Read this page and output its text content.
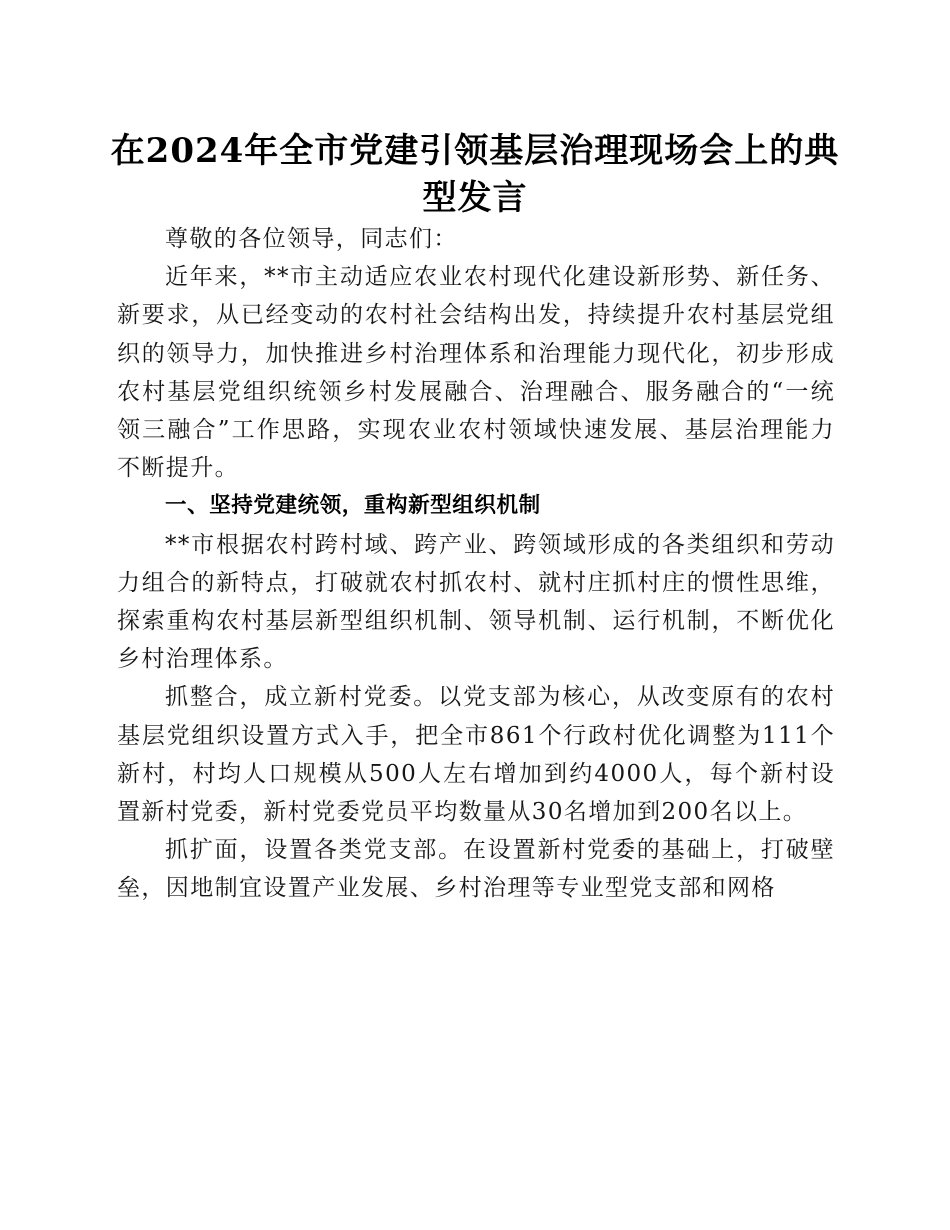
在2024年全市党建引领基层治理现场会上的典型发言

尊敬的各位领导，同志们：

近年来，**市主动适应农业农村现代化建设新形势、新任务、新要求，从已经变动的农村社会结构出发，持续提升农村基层党组织的领导力，加快推进乡村治理体系和治理能力现代化，初步形成农村基层党组织统领乡村发展融合、治理融合、服务融合的“一统领三融合”工作思路，实现农业农村领域快速发展、基层治理能力不断提升。

一、坚持党建统领，重构新型组织机制

**市根据农村跨村域、跨产业、跨领域形成的各类组织和劳动力组合的新特点，打破就农村抓农村、就村庄抓村庄的惯性思维，探索重构农村基层新型组织机制、领导机制、运行机制，不断优化乡村治理体系。

抓整合，成立新村党委。以党支部为核心，从改变原有的农村基层党组织设置方式入手，把全市861个行政村优化调整为111个新村，村均人口规模从500人左右增加到约4000人，每个新村设置新村党委，新村党委党员平均数量从30名增加到200名以上。

抓扩面，设置各类党支部。在设置新村党委的基础上，打破壁垒，因地制宜设置产业发展、乡村治理等专业型党支部和网格
